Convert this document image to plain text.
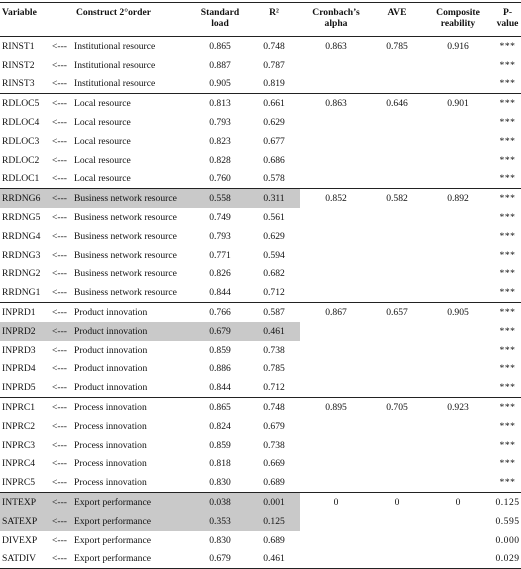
Variable		Construct 2°order	Standard load	R²	Cronbach’s alpha	AVE	Composite reability	P-value
RINST1	<---	Institutional resource	0.865	0.748	0.863	0.785	0.916	***
RINST2	<---	Institutional resource	0.887	0.787				***
RINST3	<---	Institutional resource	0.905	0.819				***
RDLOC5	<---	Local resource	0.813	0.661	0.863	0.646	0.901	***
RDLOC4	<---	Local resource	0.793	0.629				***
RDLOC3	<---	Local resource	0.823	0.677				***
RDLOC2	<---	Local resource	0.828	0.686				***
RDLOC1	<---	Local resource	0.760	0.578				***
RRDNG6	<---	Business network resource	0.558	0.311	0.852	0.582	0.892	***
RRDNG5	<---	Business network resource	0.749	0.561				***
RRDNG4	<---	Business network resource	0.793	0.629				***
RRDNG3	<---	Business network resource	0.771	0.594				***
RRDNG2	<---	Business network resource	0.826	0.682				***
RRDNG1	<---	Business network resource	0.844	0.712				***
INPRD1	<---	Product innovation	0.766	0.587	0.867	0.657	0.905	***
INPRD2	<---	Product innovation	0.679	0.461				***
INPRD3	<---	Product innovation	0.859	0.738				***
INPRD4	<---	Product innovation	0.886	0.785				***
INPRD5	<---	Product innovation	0.844	0.712				***
INPRC1	<---	Process innovation	0.865	0.748	0.895	0.705	0.923	***
INPRC2	<---	Process innovation	0.824	0.679				***
INPRC3	<---	Process innovation	0.859	0.738				***
INPRC4	<---	Process innovation	0.818	0.669				***
INPRC5	<---	Process innovation	0.830	0.689				***
INTEXP	<---	Export performance	0.038	0.001	0	0	0	0.125
SATEXP	<---	Export performance	0.353	0.125				0.595
DIVEXP	<---	Export performance	0.830	0.689				0.000
SATDIV	<---	Export performance	0.679	0.461				0.029
